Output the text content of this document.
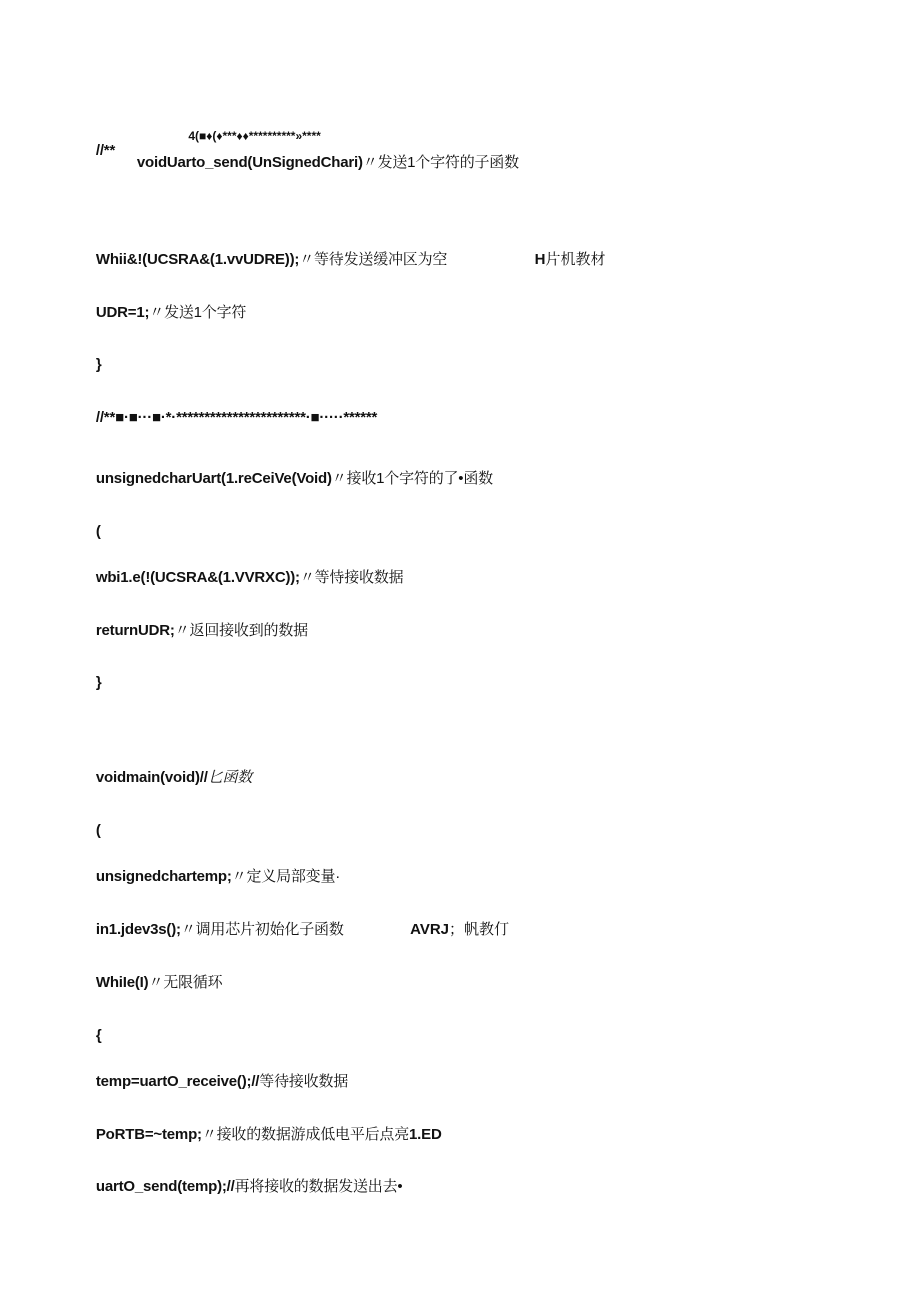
//**

4(■♦(♦***♦♦**********»****

voidUarto_send(UnSignedChari)〃发送1个字符的子函数

Whii&!(UCSRA&(1.vvUDRE));〃等待发送缓冲区为空
	H片机教材

UDR=1;〃发送1个字符

}

//**■·■···■·*·***********************·■·····******

unsignedcharUart(1.reCeiVe(Void)〃接收1个字符的了•函数

(

wbi1.e(!(UCSRA&(1.VVRXC));〃等恃接收数据

returnUDR;〃返回接收到的数据

}

voidmain(void)//匕函数

(

unsignedchartemp;〃定义局部变量·

in1.jdev3s();〃调用芯片初始化子函数
	AVRJ；帆教仃

WhiIe(I)〃无限循环

{

temp=uartO_receive();//等待接收数据

PoRTB=~temp;〃接收的数据游成低电平后点亮1.ED

uartO_send(temp);//再将接收的数据发送出去•
